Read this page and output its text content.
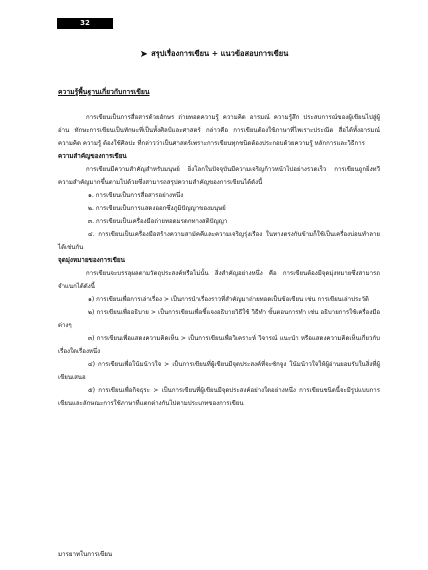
32
➤ สรุปเรื่องการเขียน + แนวข้อสอบการเขียน

ความรู้พื้นฐานเกี่ยวกับการเขียน

การเขียนเป็นการสื่อสารด้วยอักษร ถ่ายทอดความรู้ ความคิด อารมณ์ ความรู้สึก ประสบการณ์ของผู้เขียนไปสู่ผู้อ่าน ทักษะการเขียนเป็นทักษะที่เป็นทั้งศิลป์และศาสตร์ กล่าวคือ การเขียนต้องใช้ภาษาที่ไพเราะประณีต สื่อได้ทั้งอารมณ์ ความคิด ความรู้ ต้องใช้ศิลปะ ที่กล่าวว่าเป็นศาสตร์เพราะการเขียนทุกชนิดต้องประกอบด้วยความรู้ หลักการและวิธีการ

ความสำคัญของการเขียน

การเขียนมีความสำคัญสำหรับมนุษย์ ยิ่งโลกในปัจจุบันมีความเจริญก้าวหน้าไปอย่างรวดเร็ว การเขียนถูกยิ่งทวีความสำคัญมากขึ้นตามไปด้วยซึ่งสามารถสรุปความสำคัญของการเขียนได้ดังนี้

๑. การเขียนเป็นการสื่อสารอย่างหนึ่ง

๒. การเขียนเป็นการแสดงออกซึ่งภูมิปัญญาของมนุษย์

๓. การเขียนเป็นเครื่องมือถ่ายทอดมรดกทางสติปัญญา

๔. การเขียนเป็นเครื่องมือสร้างความสามัคคีและความเจริญรุ่งเรือง ในทางตรงกันข้ามก็ใช้เป็นเครื่องบ่อนทำลายได้เช่นกัน

จุดมุ่งหมายของการเขียน

การเขียนจะบรรลุผลตามวัตถุประสงค์หรือไม่นั้น สิ่งสำคัญอย่างหนึ่ง คือ การเขียนต้องมีจุดมุ่งหมายซึ่งสามารถจำแนกได้ดังนี้

๑) การเขียนเพื่อการเล่าเรื่อง > เป็นการนำเรื่องราวที่สำคัญมาถ่ายทอดเป็นข้อเขียน เช่น การเขียนเล่าประวัติ

๒) การเขียนเพื่ออธิบาย > เป็นการเขียนเพื่อชี้แจงอธิบายวิธีใช้ วิธีทำ ขั้นตอนการทำ เช่น อธิบายการใช้เครื่องมือต่างๆ

๓) การเขียนเพื่อแสดงความคิดเห็น > เป็นการเขียนเพื่อวิเคราะห์ วิจารณ์ แนะนำ หรือแสดงความคิดเห็นเกี่ยวกับเรื่องใดเรื่องหนึ่ง

๔) การเขียนเพื่อโน้มน้าวใจ > เป็นการเขียนที่ผู้เขียนมีจุดประสงค์ที่จะชักจูง โน้มน้าวใจให้ผู้อ่านยอมรับในสิ่งที่ผู้เขียนเสนอ

๕) การเขียนเพื่อกิจธุระ > เป็นการเขียนที่ผู้เขียนมีจุดประสงค์อย่างใดอย่างหนึ่ง การเขียนชนิดนี้จะมีรูปแบบการเขียนและลักษณะการใช้ภาษาที่แตกต่างกันไปตามประเภทของการเขียน

มารยาทในการเขียน
